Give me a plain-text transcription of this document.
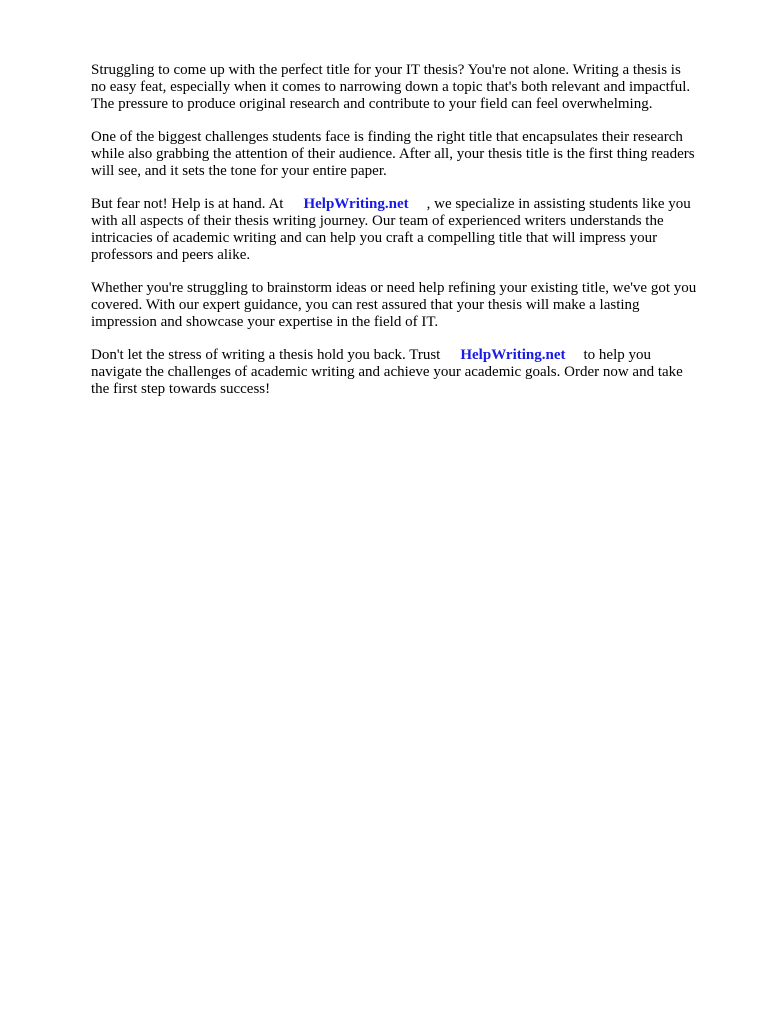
Struggling to come up with the perfect title for your IT thesis? You're not alone. Writing a thesis is
no easy feat, especially when it comes to narrowing down a topic that's both relevant and impactful.
The pressure to produce original research and contribute to your field can feel overwhelming.

One of the biggest challenges students face is finding the right title that encapsulates their research
while also grabbing the attention of their audience. After all, your thesis title is the first thing readers
will see, and it sets the tone for your entire paper.

But fear not! Help is at hand. At HelpWriting.net , we specialize in assisting students like you
with all aspects of their thesis writing journey. Our team of experienced writers understands the
intricacies of academic writing and can help you craft a compelling title that will impress your
professors and peers alike.

Whether you're struggling to brainstorm ideas or need help refining your existing title, we've got you
covered. With our expert guidance, you can rest assured that your thesis will make a lasting
impression and showcase your expertise in the field of IT.

Don't let the stress of writing a thesis hold you back. Trust HelpWriting.net to help you
navigate the challenges of academic writing and achieve your academic goals. Order now and take
the first step towards success!
